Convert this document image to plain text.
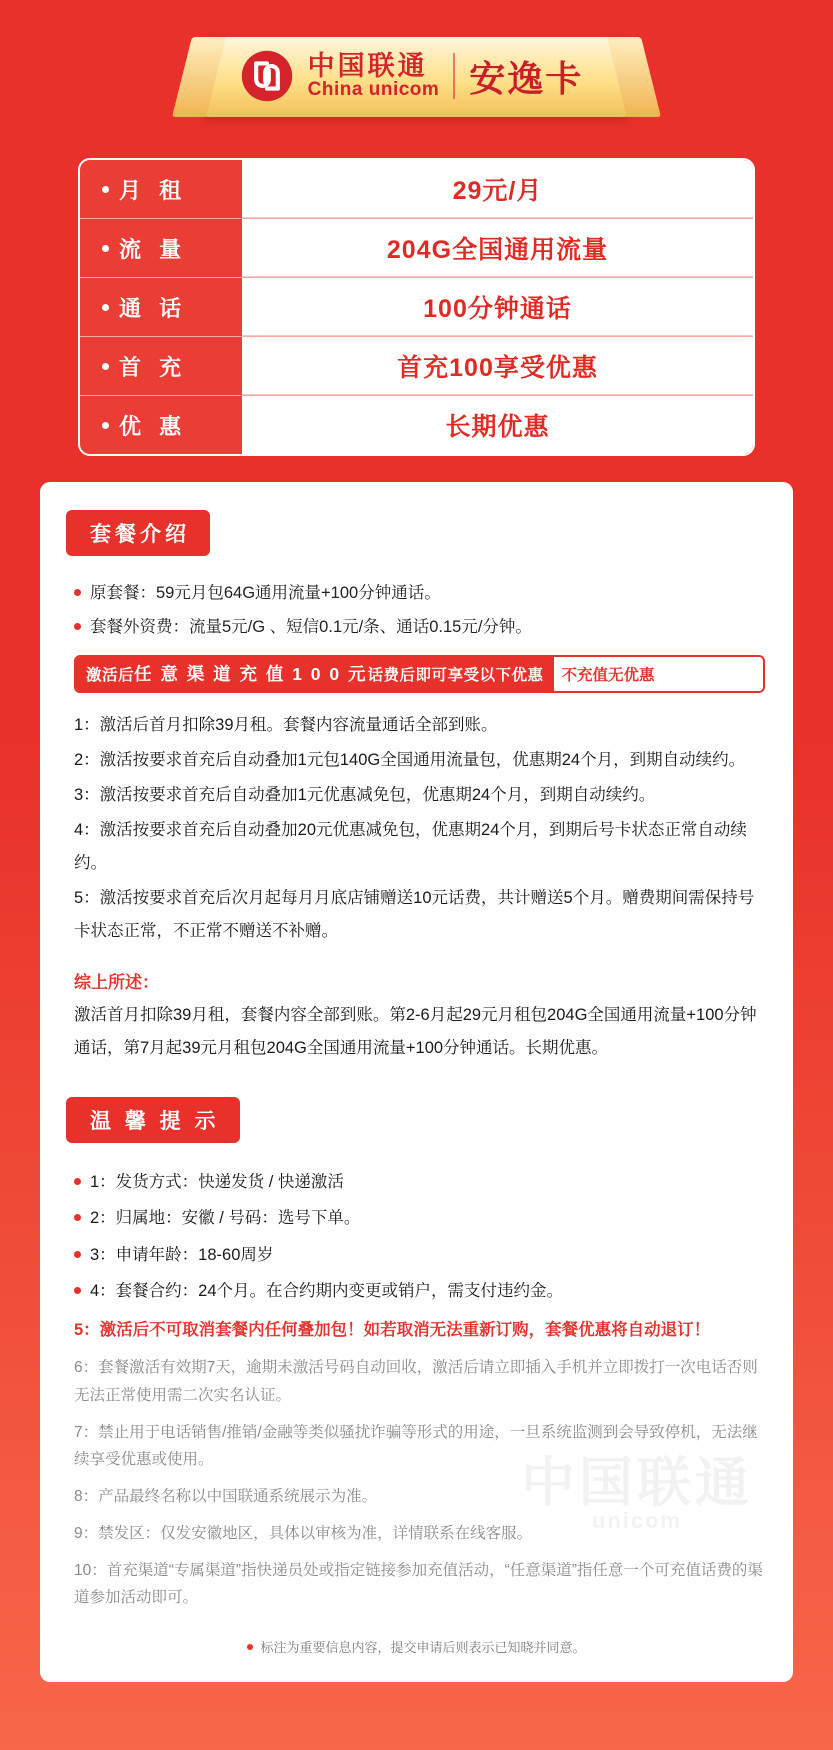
中国联通
China unicom 安逸卡
月 租	29元/月
流 量	204G全国通用流量
通 话	100分钟通话
首 充	首充100享受优惠
优 惠	长期优惠
中国联通
unicom
套餐介绍
原套餐：59元月包64G通用流量+100分钟通话。
套餐外资费：流量5元/G 、短信0.1元/条、通话0.15元/分钟。
激活后 任 意 渠 道 充 值 1 0 0 元 话费后即可享受以下优惠	不充值无优惠
1：激活后首月扣除39月租。套餐内容流量通话全部到账。
2：激活按要求首充后自动叠加1元包140G全国通用流量包，优惠期24个月，到期自动续约。
3：激活按要求首充后自动叠加1元优惠减免包，优惠期24个月，到期自动续约。
4：激活按要求首充后自动叠加20元优惠减免包，优惠期24个月，到期后号卡状态正常自动续约。
5：激活按要求首充后次月起每月月底店铺赠送10元话费，共计赠送5个月。赠费期间需保持号卡状态正常，不正常不赠送不补赠。
综上所述：
激活首月扣除39月租，套餐内容全部到账。第2-6月起29元月租包204G全国通用流量+100分钟通话，第7月起39元月租包204G全国通用流量+100分钟通话。长期优惠。
温 馨 提 示
1：发货方式：快递发货 / 快递激活
2：归属地：安徽 / 号码：选号下单。
3：申请年龄：18-60周岁
4：套餐合约：24个月。在合约期内变更或销户，需支付违约金。
5：激活后不可取消套餐内任何叠加包！如若取消无法重新订购，套餐优惠将自动退订！
6：套餐激活有效期7天，逾期未激活号码自动回收，激活后请立即插入手机并立即拨打一次电话否则无法正常使用需二次实名认证。
7：禁止用于电话销售/推销/金融等类似骚扰诈骗等形式的用途，一旦系统监测到会导致停机，无法继续享受优惠或使用。
8：产品最终名称以中国联通系统展示为准。
9：禁发区：仅发安徽地区，具体以审核为准，详情联系在线客服。
10：首充渠道“专属渠道”指快递员处或指定链接参加充值活动，“任意渠道”指任意一个可充值话费的渠道参加活动即可。
标注为重要信息内容，提交申请后则表示已知晓并同意。
